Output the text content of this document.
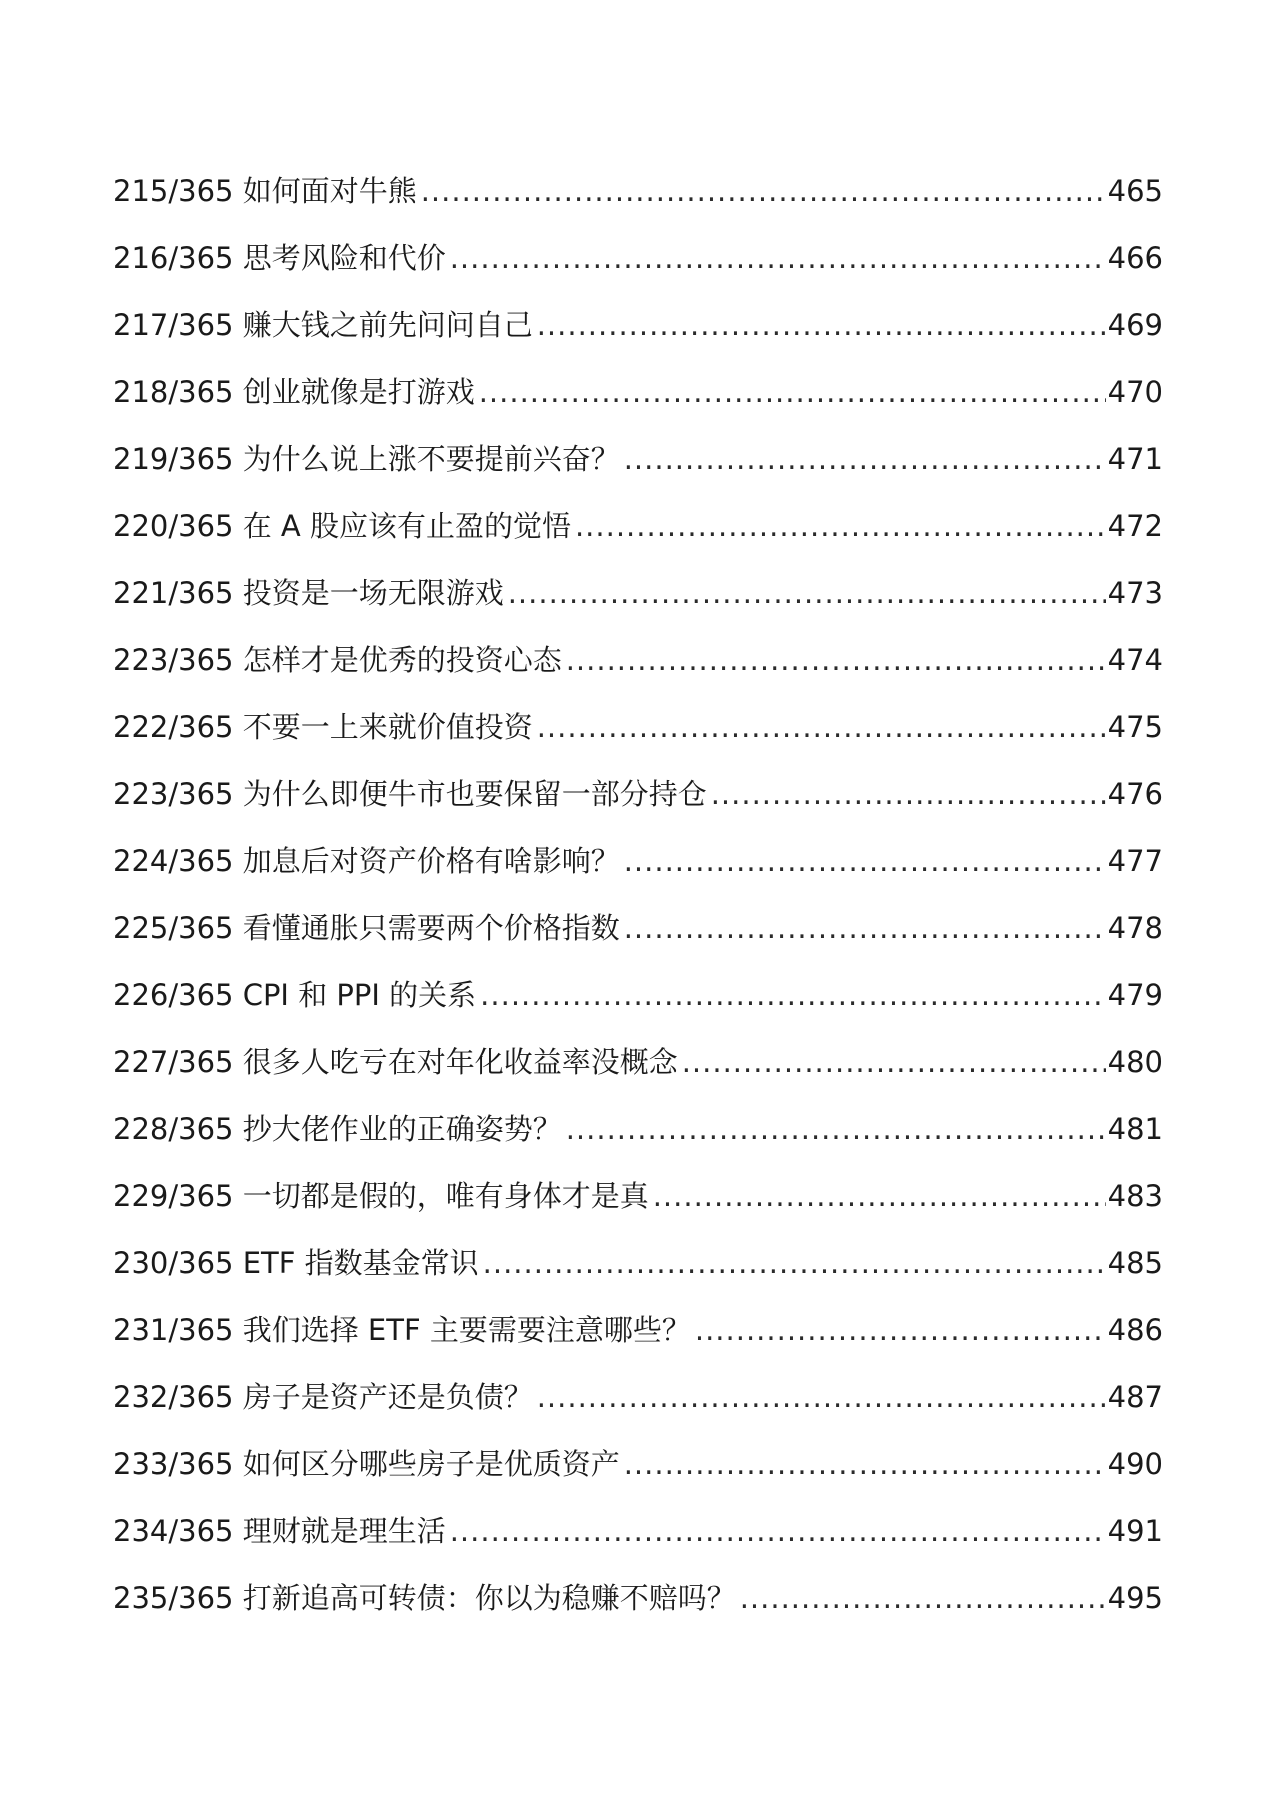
215/365 如何面对牛熊 .....	465
216/365 思考风险和代价 .....	466
217/365 赚大钱之前先问问自己 .....	469
218/365 创业就像是打游戏 .....	470
219/365 为什么说上涨不要提前兴奋？ .....	471
220/365 在 A 股应该有止盈的觉悟 .....	472
221/365 投资是一场无限游戏 .....	473
223/365 怎样才是优秀的投资心态 .....	474
222/365 不要一上来就价值投资 .....	475
223/365 为什么即便牛市也要保留一部分持仓 .....	476
224/365 加息后对资产价格有啥影响？ .....	477
225/365 看懂通胀只需要两个价格指数 .....	478
226/365 CPI 和 PPI 的关系 .....	479
227/365 很多人吃亏在对年化收益率没概念 .....	480
228/365 抄大佬作业的正确姿势？ .....	481
229/365 一切都是假的，唯有身体才是真 .....	483
230/365 ETF 指数基金常识 .....	485
231/365 我们选择 ETF 主要需要注意哪些？ .....	486
232/365 房子是资产还是负债？ .....	487
233/365 如何区分哪些房子是优质资产 .....	490
234/365 理财就是理生活 .....	491
235/365 打新追高可转债：你以为稳赚不赔吗？ .....	495
